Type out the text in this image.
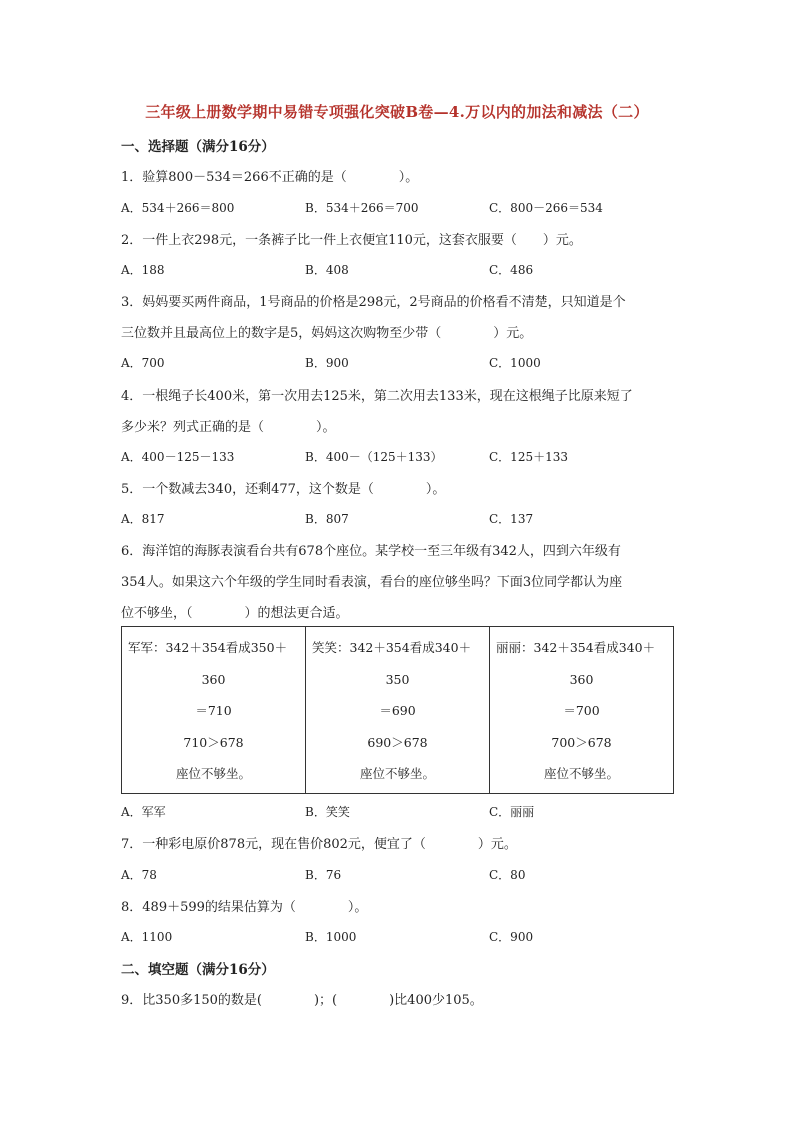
三年级上册数学期中易错专项强化突破B卷—4.万以内的加法和减法（二）
一、选择题（满分16分）
1．验算800－534＝266不正确的是（　　　　）。
A．534＋266＝800	B．534＋266＝700	C．800－266＝534
2．一件上衣298元，一条裤子比一件上衣便宜110元，这套衣服要（　　）元。
A．188	B．408	C．486
3．妈妈要买两件商品，1号商品的价格是298元，2号商品的价格看不清楚，只知道是个
三位数并且最高位上的数字是5，妈妈这次购物至少带（　　　　）元。
A．700	B．900	C．1000
4．一根绳子长400米，第一次用去125米，第二次用去133米，现在这根绳子比原来短了
多少米？列式正确的是（　　　　）。
A．400－125－133	B．400－（125＋133）	C．125＋133
5．一个数减去340，还剩477，这个数是（　　　　）。
A．817	B．807	C．137
6．海洋馆的海豚表演看台共有678个座位。某学校一至三年级有342人，四到六年级有
354人。如果这六个年级的学生同时看表演，看台的座位够坐吗？下面3位同学都认为座
位不够坐，（　　　　）的想法更合适。
军军：342＋354看成350＋
360
＝710
710＞678
座位不够坐。

笑笑：342＋354看成340＋
350
＝690
690＞678
座位不够坐。

丽丽：342＋354看成340＋
360
＝700
700＞678
座位不够坐。
A．军军	B．笑笑	C．丽丽
7．一种彩电原价878元，现在售价802元，便宜了（　　　　）元。
A．78	B．76	C．80
8．489＋599的结果估算为（　　　　）。
A．1100	B．1000	C．900
二、填空题（满分16分）
9．比350多150的数是(　　　　)；(　　　　)比400少105。
